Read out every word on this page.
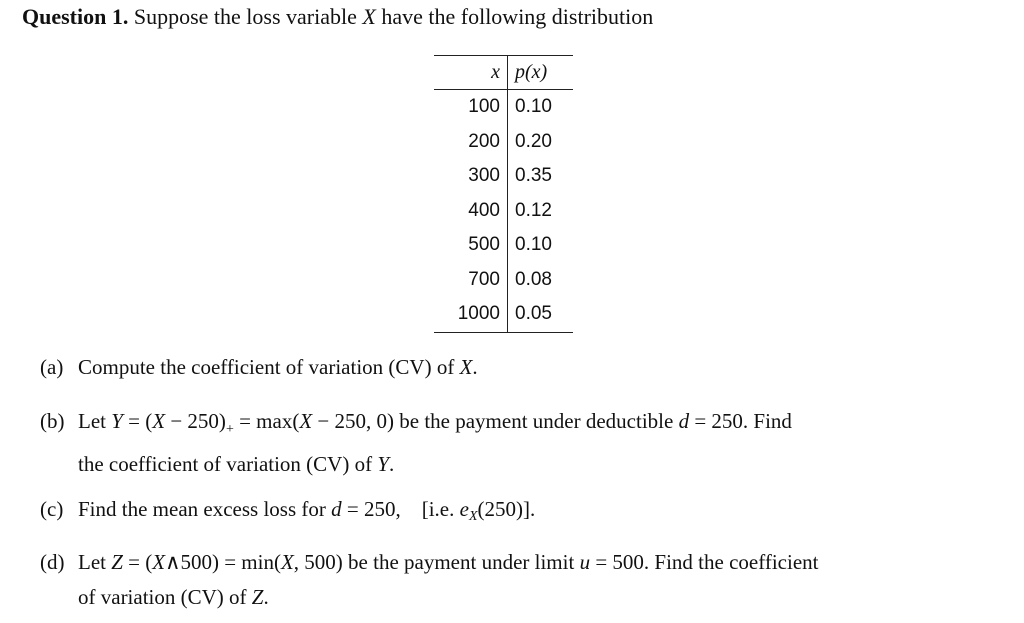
Question 1. Suppose the loss variable X have the following distribution
x	p(x)
100	0.10
200	0.20
300	0.35
400	0.12
500	0.10
700	0.08
1000	0.05
(a) Compute the coefficient of variation (CV) of X.
(b) Let $Y = (X - 250)_+ = \max(X - 250$, 0) be the payment under deductible d = 250. Find
the coefficient of variation (CV) of Y.
(c) Find the mean excess loss for d = 250,    [i.e. $e_X(250)$].
(d) Let Z = (X∧500) = min(X, 500) be the payment under limit u = 500. Find the coefficient
of variation (CV) of Z.
